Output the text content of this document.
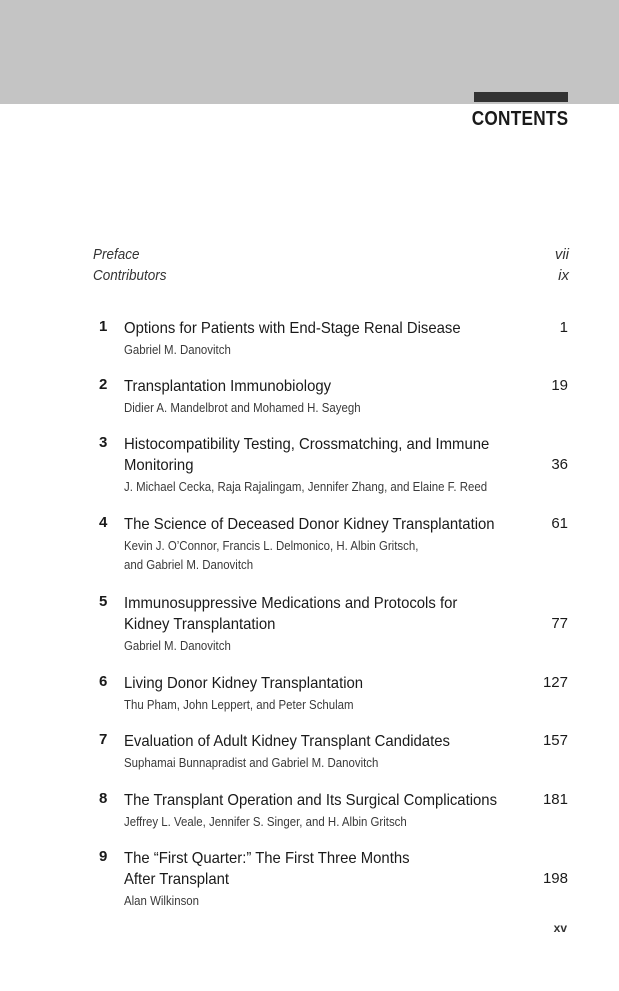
CONTENTS
Preface	vii
Contributors	ix
1 Options for Patients with End-Stage Renal Disease	1
Gabriel M. Danovitch
2 Transplantation Immunobiology	19
Didier A. Mandelbrot and Mohamed H. Sayegh
3 Histocompatibility Testing, Crossmatching, and Immune
Monitoring	36
J. Michael Cecka, Raja Rajalingam, Jennifer Zhang, and Elaine F. Reed
4 The Science of Deceased Donor Kidney Transplantation	61
Kevin J. O’Connor, Francis L. Delmonico, H. Albin Gritsch,
and Gabriel M. Danovitch
5 Immunosuppressive Medications and Protocols for
Kidney Transplantation	77
Gabriel M. Danovitch
6 Living Donor Kidney Transplantation	127
Thu Pham, John Leppert, and Peter Schulam
7 Evaluation of Adult Kidney Transplant Candidates	157
Suphamai Bunnapradist and Gabriel M. Danovitch
8 The Transplant Operation and Its Surgical Complications	181
Jeffrey L. Veale, Jennifer S. Singer, and H. Albin Gritsch
9 The “First Quarter:” The First Three Months
After Transplant	198
Alan Wilkinson
xv
